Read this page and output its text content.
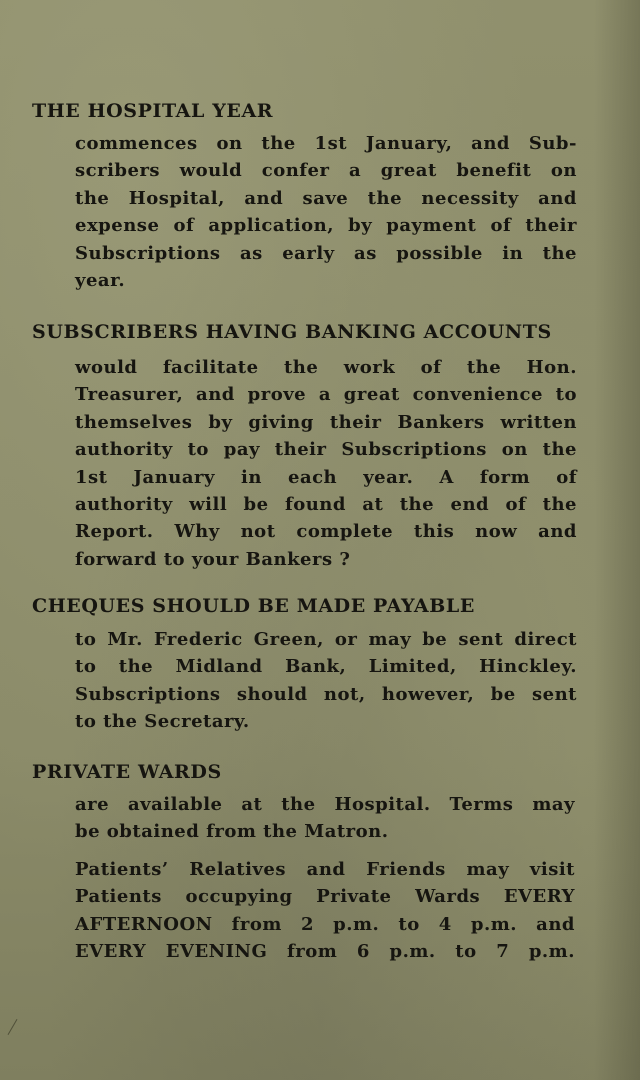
THE HOSPITAL YEAR
commences on the 1st January, and Sub-
scribers would confer a great benefit on
the Hospital, and save the necessity and
expense of application, by payment of their
Subscriptions as early as possible in the
year.
SUBSCRIBERS HAVING BANKING ACCOUNTS
would facilitate the work of the Hon.
Treasurer, and prove a great convenience to
themselves by giving their Bankers written
authority to pay their Subscriptions on the
1st January in each year. A form of
authority will be found at the end of the
Report. Why not complete this now and
forward to your Bankers ?
CHEQUES SHOULD BE MADE PAYABLE
to Mr. Frederic Green, or may be sent direct
to the Midland Bank, Limited, Hinckley.
Subscriptions should not, however, be sent
to the Secretary.
PRIVATE WARDS
are available at the Hospital. Terms may
be obtained from the Matron.
Patients’ Relatives and Friends may visit
Patients occupying Private Wards EVERY
AFTERNOON from 2 p.m. to 4 p.m. and
EVERY EVENING from 6 p.m. to 7 p.m.
